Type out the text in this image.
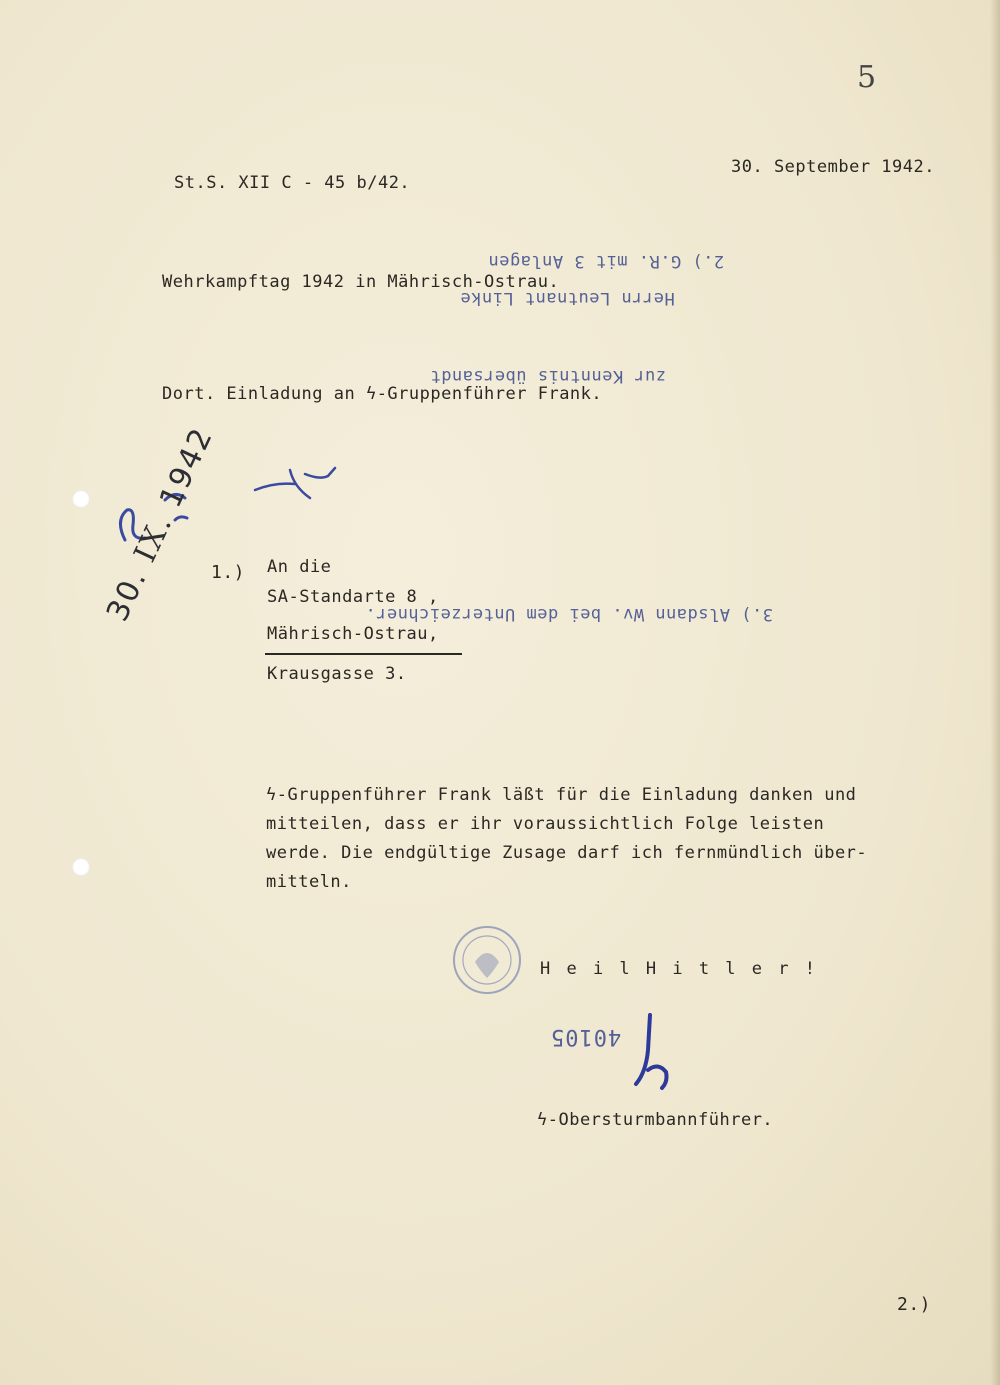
5
St.S. XII C - 45 b/42.
30. September 1942.
Wehrkampftag 1942 in Mährisch-Ostrau.
2.) G.R. mit 3 Anlagen
Herrn Leutnant Linke
Dort. Einladung an ϟ-Gruppenführer Frank.
zur Kenntnis übersandt
30. IX. 1942
1.) An die
SA-Standarte 8 ,
3.) Alsdann Wv. bei dem Unterzeichner.
Mährisch-Ostrau,
Krausgasse 3.
ϟ-Gruppenführer Frank läßt für die Einladung danken und
mitteilen, dass er ihr voraussichtlich Folge leisten
werde. Die endgültige Zusage darf ich fernmündlich über-
mitteln.
H e i l H i t l e r !
40105
ϟ-Obersturmbannführer.
2.)
